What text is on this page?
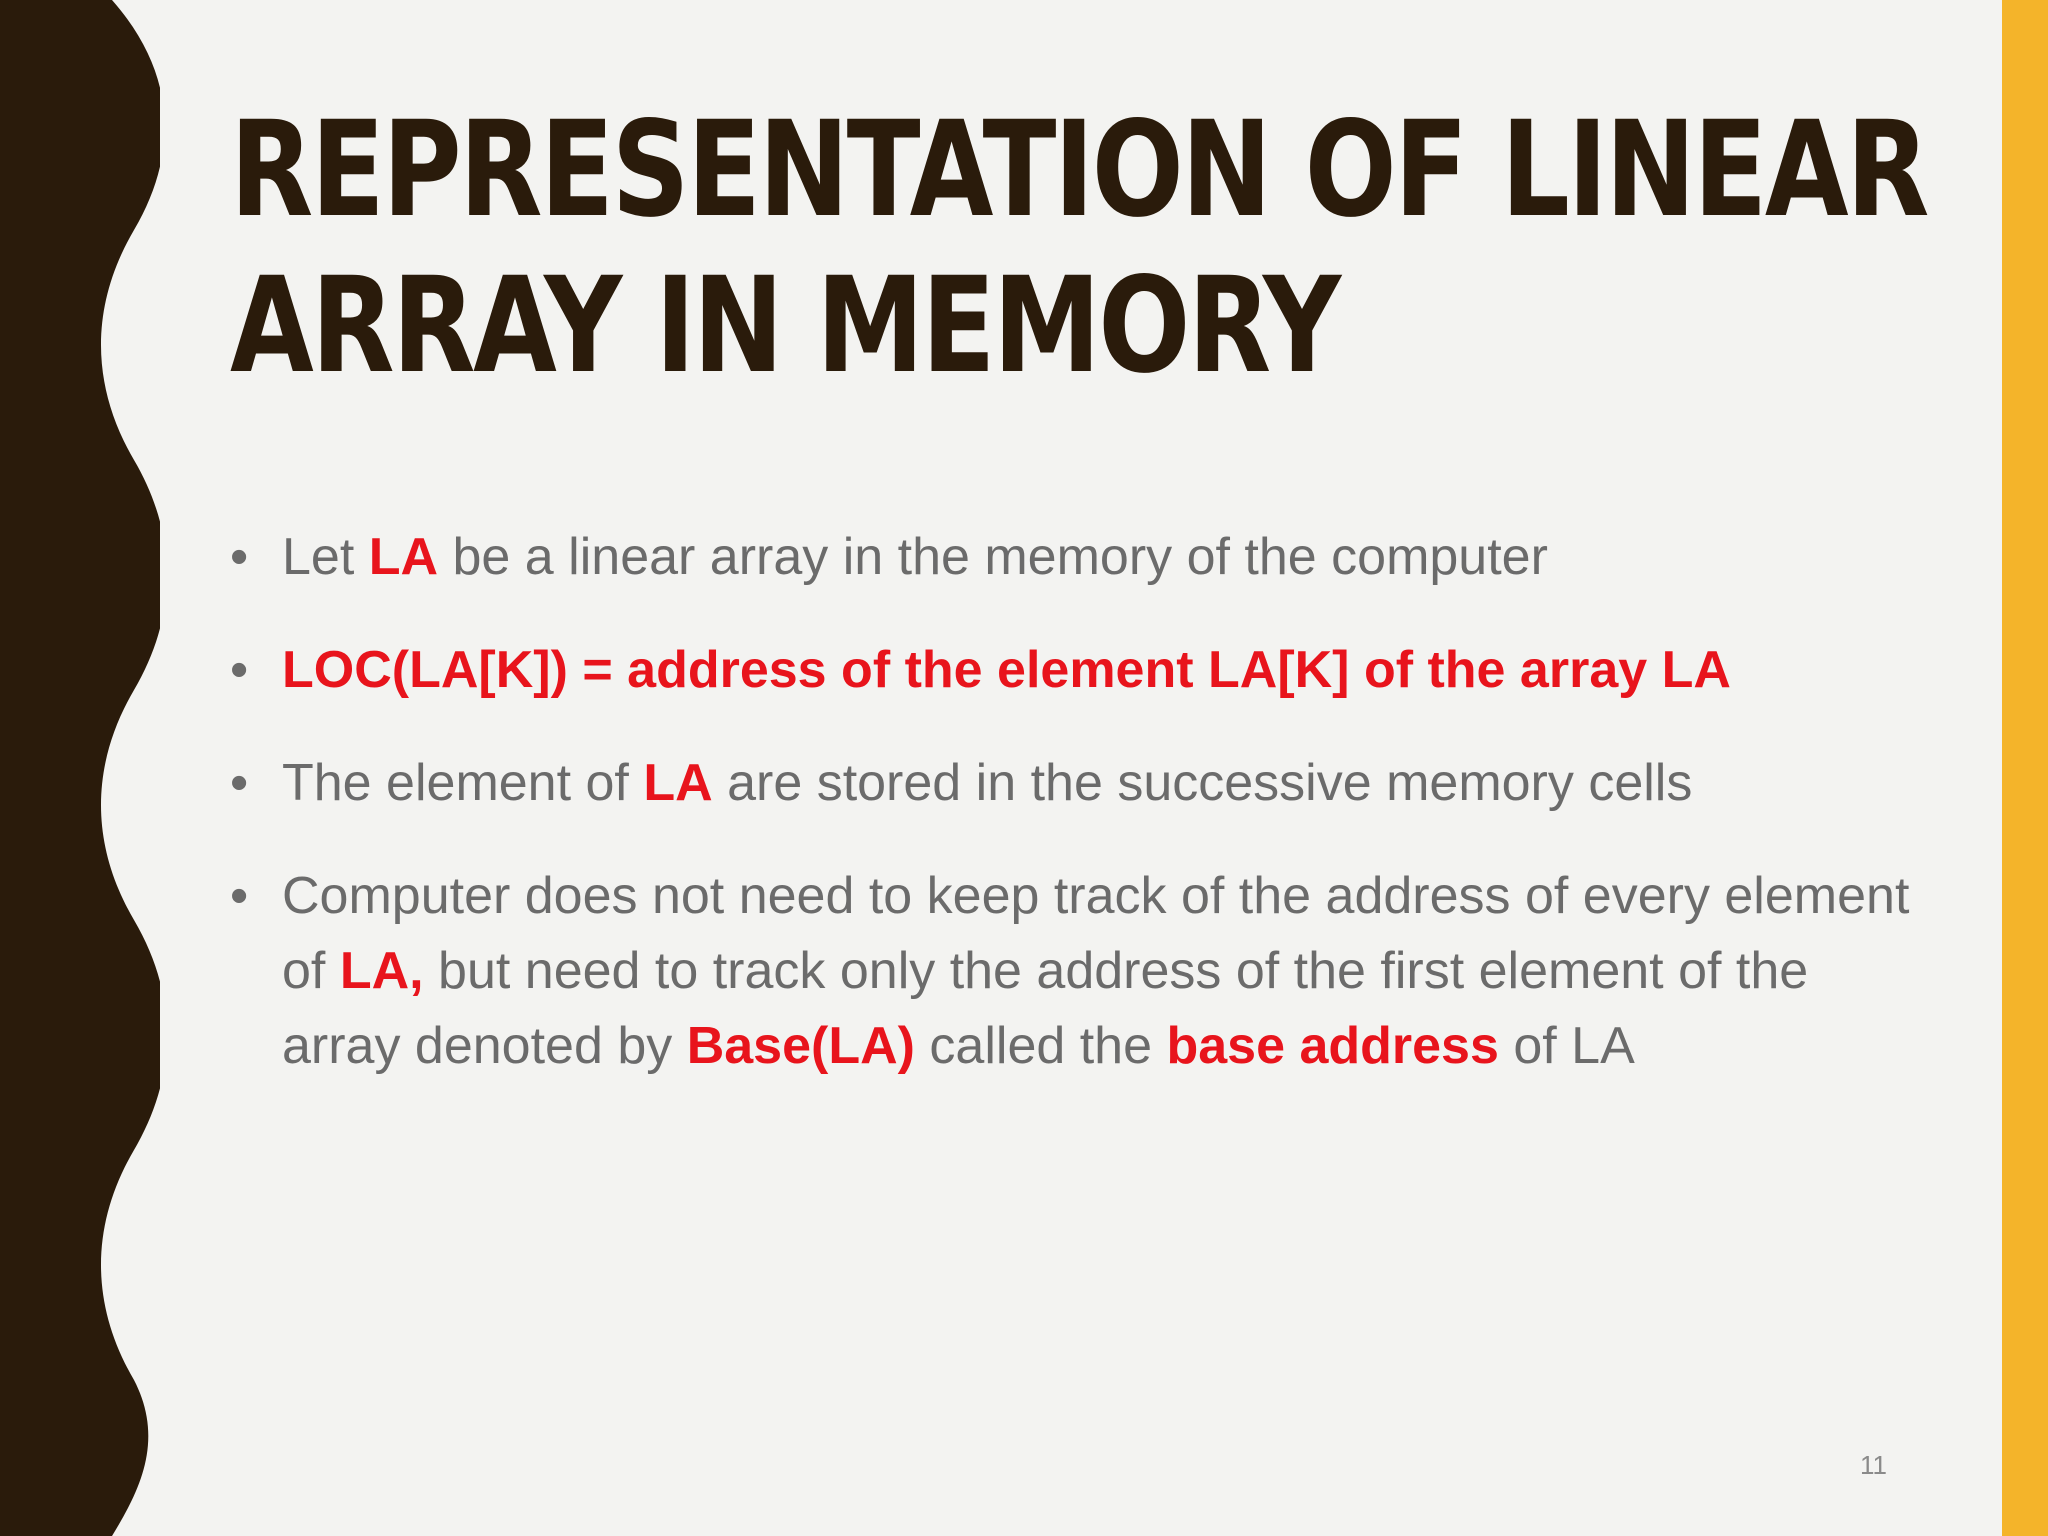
REPRESENTATION OF LINEAR
ARRAY IN MEMORY
• Let LA be a linear array in the memory of the computer
• LOC(LA[K]) = address of the element LA[K] of the array LA
• The element of LA are stored in the successive memory cells
• Computer does not need to keep track of the address of every element of LA, but need to track only the address of the first element of the array denoted by Base(LA) called the base address of LA
11
